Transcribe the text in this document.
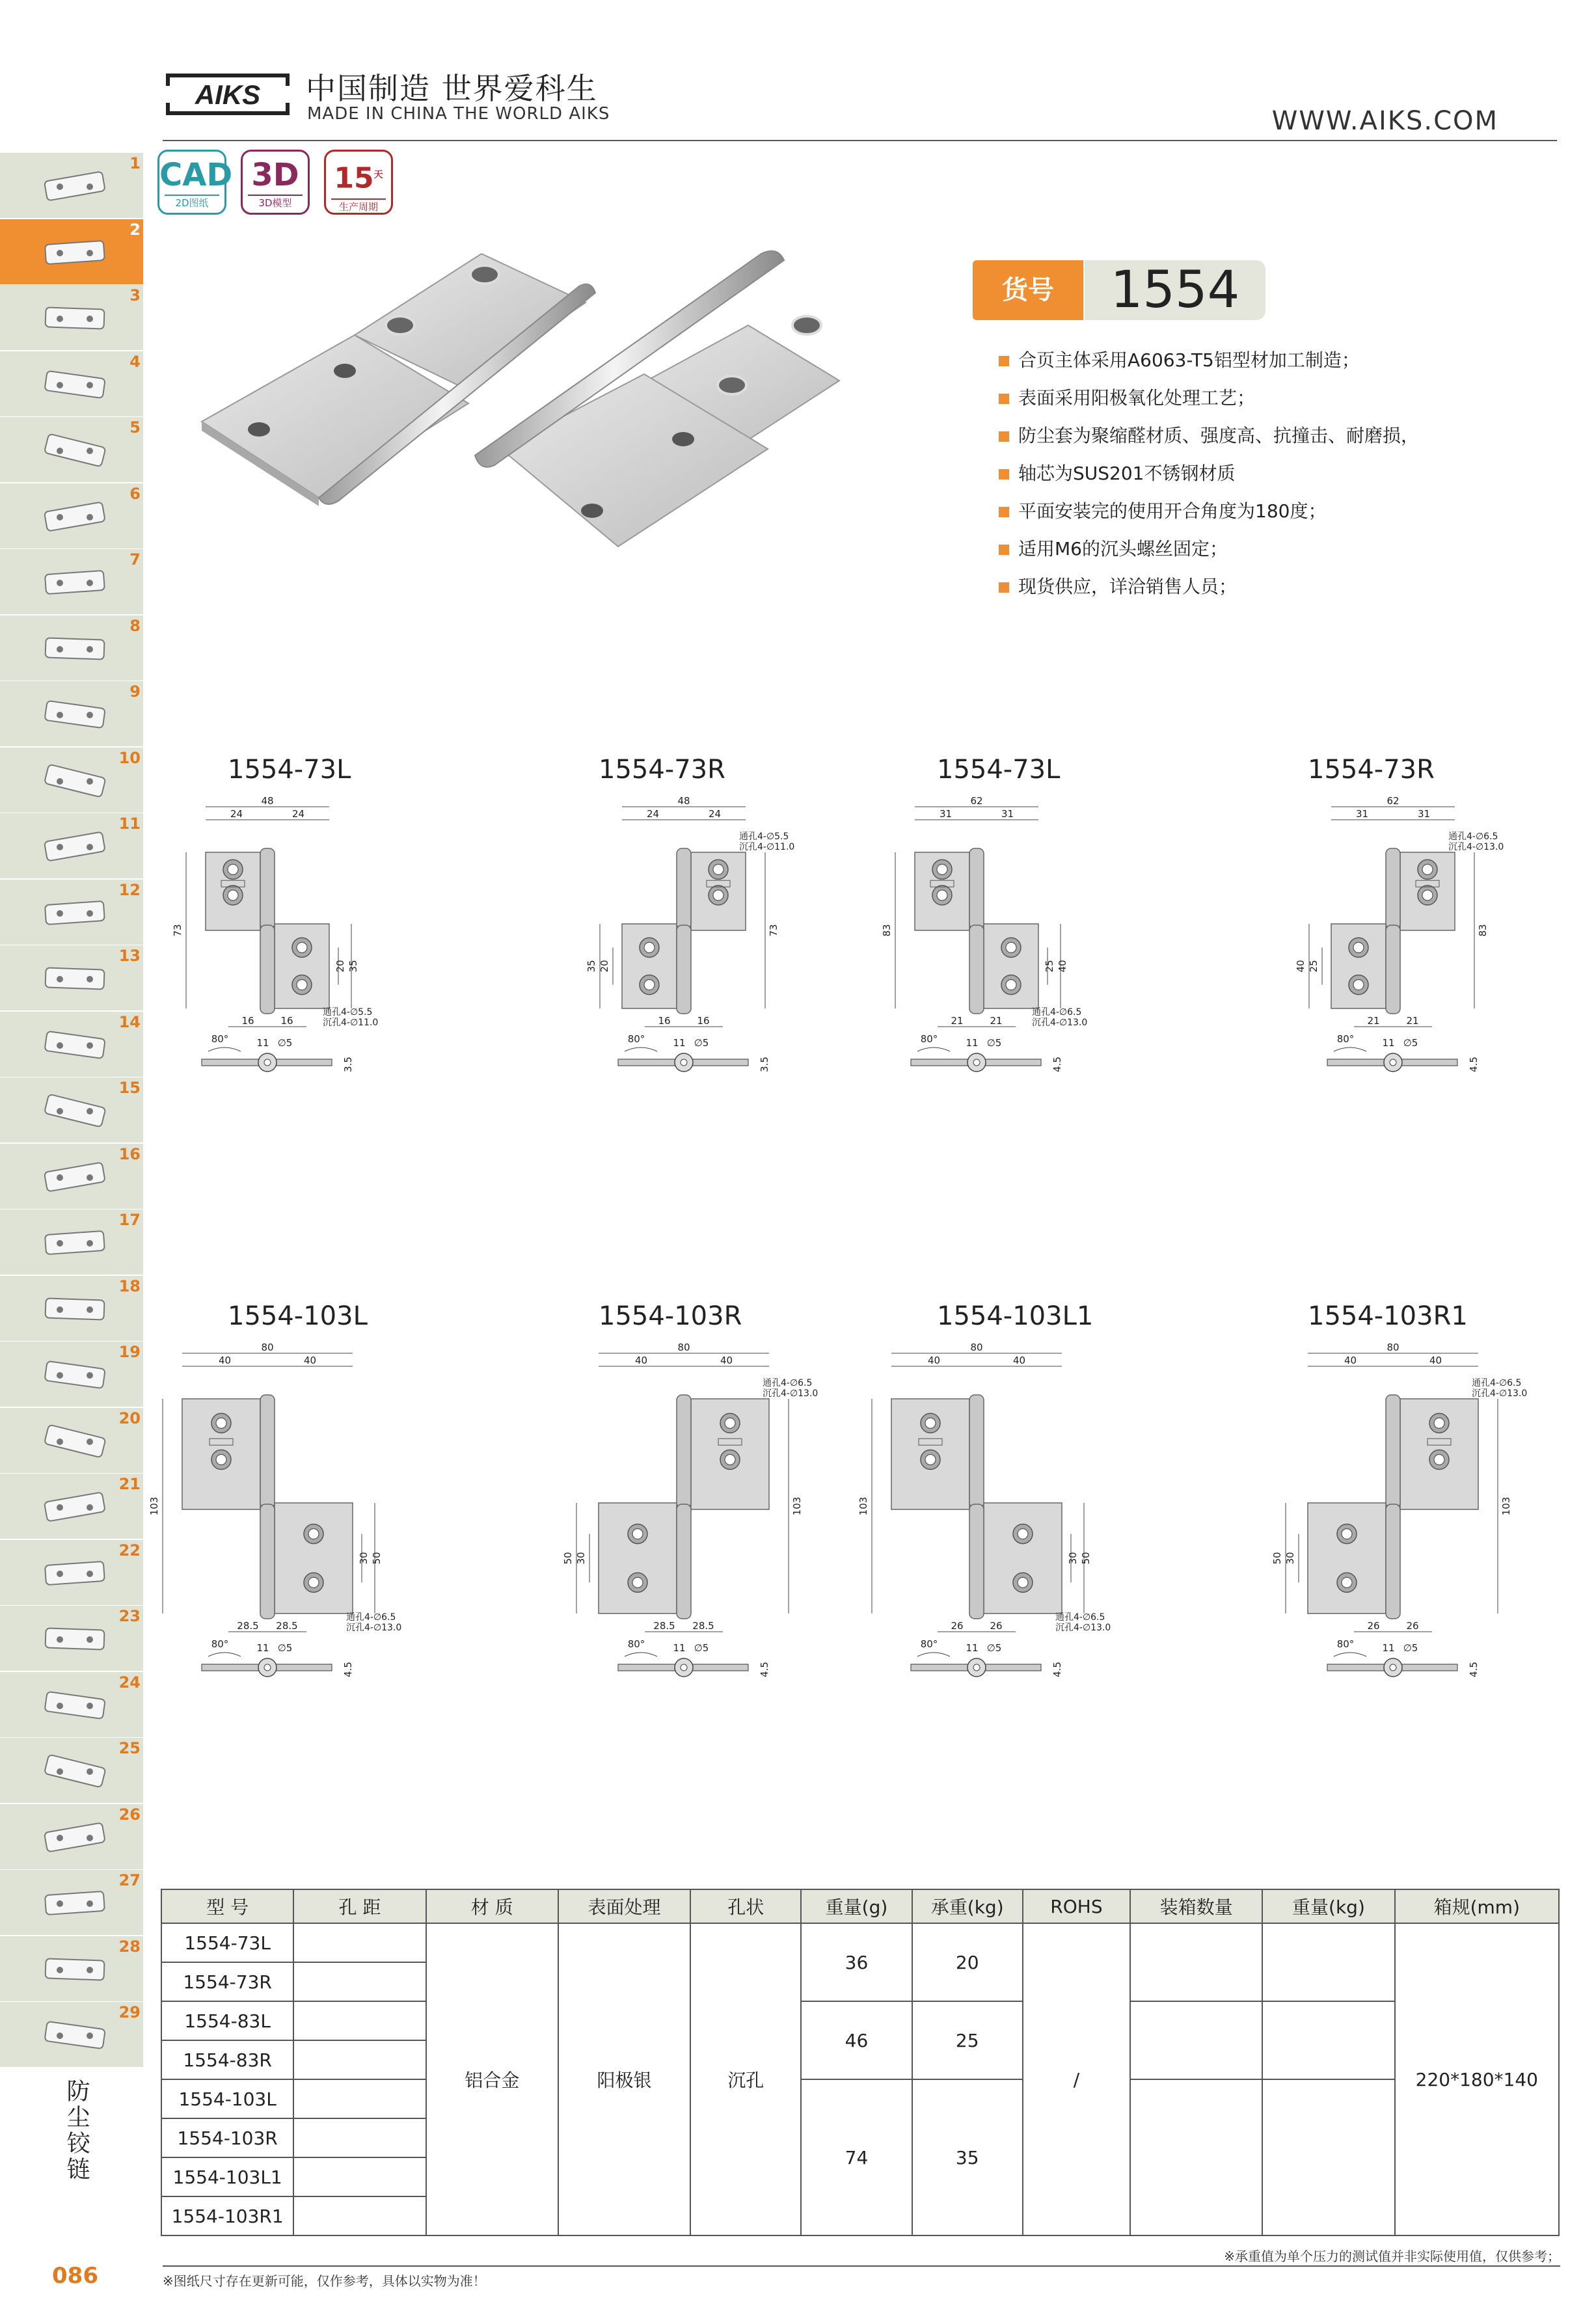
AIKS 中国制造 世界爱科生
MADE IN CHINA THE WORLD AIKS	WWW.AIKS.COM
1
2
3
4
5
6
7
8
9
10
11
12
13
14
15
16
17
18
19
20
21
22
23
24
25
26
27
28
29
防尘铰链
086
CAD
2D图纸
3D
3D模型
$15^天$
生产周期
货号	1554
合页主体采用A6063-T5铝型材加工制造；
表面采用阳极氧化处理工艺；
防尘套为聚缩醛材质、强度高、抗撞击、耐磨损，
轴芯为SUS201不锈钢材质
平面安装完的使用开合角度为180度；
适用M6的沉头螺丝固定；
现货供应，详洽销售人员；
1554-73L
48
24	24
73
20 35
16	16
通孔4-∅5.5
沉孔4-∅11.0
80°	11 ∅5
3.5
1554-73R
48
24	24
73
20
35
16	16
通孔4-∅5.5
沉孔4-∅11.0
80°	11 ∅5
3.5
1554-73L
62
31	31
83
25 40
21	21
通孔4-∅6.5
沉孔4-∅13.0
80°	11 ∅5
4.5
1554-73R
62
31	31
83
25
40
21	21
通孔4-∅6.5
沉孔4-∅13.0
80°	11 ∅5
4.5
1554-103L
80
40	40
103
30 50
28.5 28.5
通孔4-∅6.5
沉孔4-∅13.0
80°	11 ∅5
4.5
1554-103R
80
40	40
103
30
50
28.5 28.5
通孔4-∅6.5
沉孔4-∅13.0
80°	11 ∅5
4.5
1554-103L1
80
40	40
103
30 50
26	26
通孔4-∅6.5
沉孔4-∅13.0
80°	11 ∅5
4.5
1554-103R1
80
40	40
103
30
50
26	26
通孔4-∅6.5
沉孔4-∅13.0
80°	11 ∅5
4.5
型 号	孔 距	材 质	表面处理	孔状	重量(g)	承重(kg)	ROHS	装箱数量	重量(kg)	箱规(mm)
1554-73L		铝合金	阳极银	沉孔	36	20	/			220*180*140
1554-73R										
1554-83L					46	25				
1554-83R										
1554-103L					74	35				
1554-103R										
1554-103L1										
1554-103R1										
※承重值为单个压力的测试值并非实际使用值，仅供参考；
※图纸尺寸存在更新可能，仅作参考，具体以实物为准！
